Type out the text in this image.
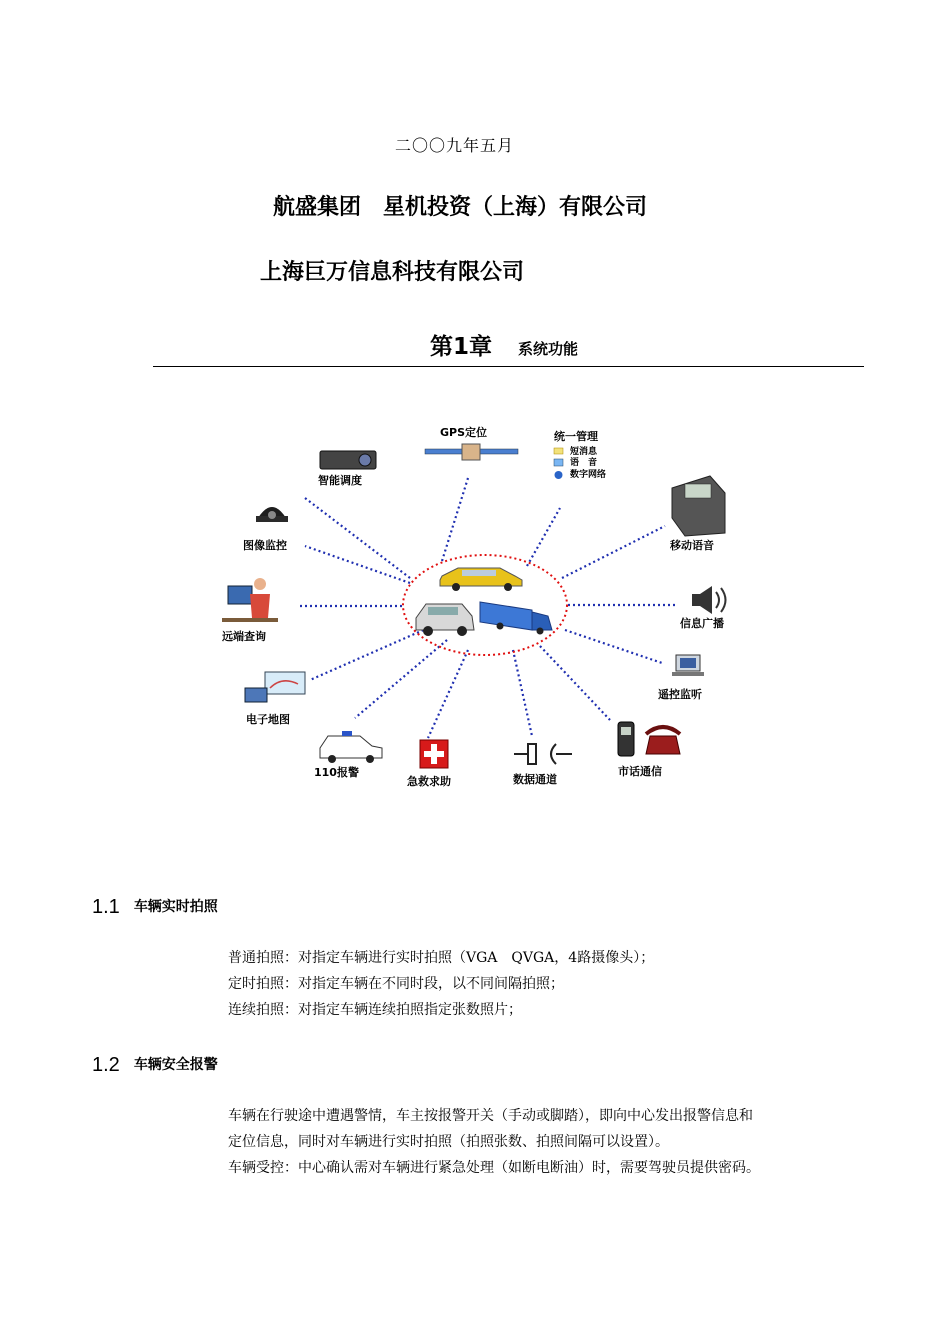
二〇〇九年五月
航盛集团　星机投资（上海）有限公司
上海巨万信息科技有限公司
第1章 系统功能
GPS定位	统一管理
短消息
语　音
数字网络
智能调度
图像监控	移动语音
远端查询
信息广播
遥控监听
电子地图
110报警
急救求助	数据通道
市话通信
1.1 车辆实时拍照
普通拍照：对指定车辆进行实时拍照（VGA　QVGA，4路摄像头）；
定时拍照：对指定车辆在不同时段，以不同间隔拍照；
连续拍照：对指定车辆连续拍照指定张数照片；
1.2 车辆安全报警
车辆在行驶途中遭遇警情，车主按报警开关（手动或脚踏），即向中心发出报警信息和
定位信息，同时对车辆进行实时拍照（拍照张数、拍照间隔可以设置）。
车辆受控：中心确认需对车辆进行紧急处理（如断电断油）时，需要驾驶员提供密码。
